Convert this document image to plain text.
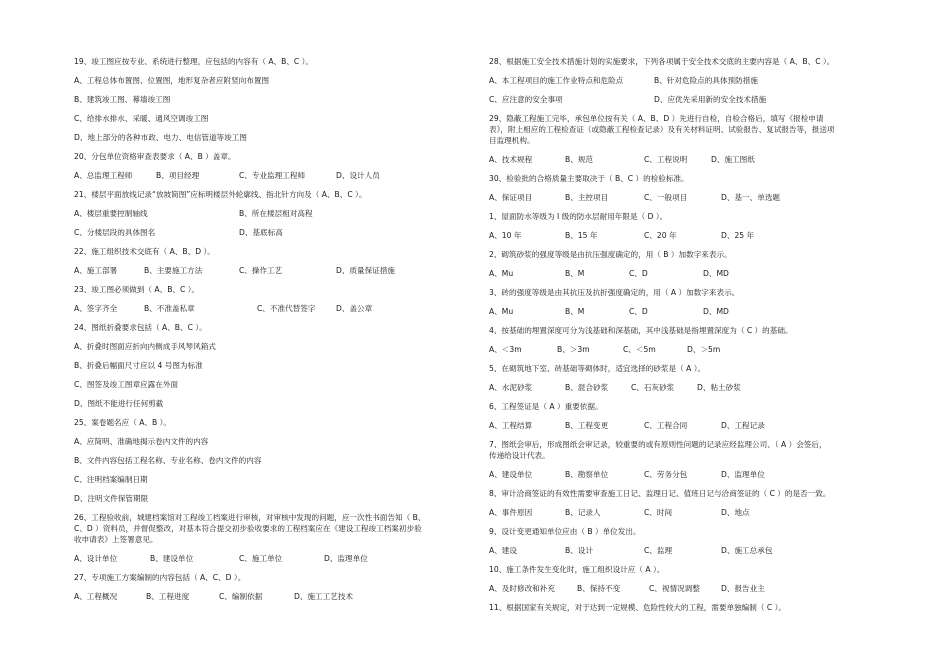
19、竣工图应按专业、系统进行整理，应包括的内容有（ A、B、C ）。

A、工程总体布置图、位置图，地形复杂者应附竖向布置图

B、建筑竣工图、幕墙竣工图

C、给排水排水、采暖、通风空调竣工图

D、地上部分的各种市政、电力、电信管道等竣工图

20、分包单位资格审查表要求（ A、B ）盖章。

A、总监理工程师	B、项目经理	C、专业监理工程师	D、设计人员

21、楼层平面放线记录“放坡简图”应标明楼层外轮廓线、指北针方向及（ A、B、C ）。

A、楼层重要控制轴线	B、所在楼层相对高程
C、分楼层段的具体图名	D、基底标高

22、施工组织技术交底有（ A、B、D ）。

A、施工部署	B、主要施工方法	C、操作工艺	D、质量保证措施

23、竣工图必须做到（ A、B、C ）。

A、签字齐全	B、不准盖私章	C、不准代替签字	D、盖公章

24、图纸折叠要求包括（ A、B、C ）。

A、折叠时图面应折向内侧成手风琴风箱式

B、折叠后幅面尺寸应以 4 号图为标准

C、图签及竣工图章应露在外面

D、图纸不能进行任何剪截

25、案卷题名应（ A、B ）。

A、应简明、准确地揭示卷内文件的内容

B、文件内容包括工程名称、专业名称、卷内文件的内容

C、注明档案编制日期

D、注明文件保管期限

26、工程验收前，城建档案馆对工程竣工档案进行审核，对审核中发现的问题，应一次性书面告知（ B、

C、D ）资料员，并督促整改，对基本符合提交初步验收要求的工程档案应在《建设工程竣工档案初步验

收申请表》上签署意见。

A、设计单位	B、建设单位	C、施工单位	D、监理单位

27、专项施工方案编制的内容包括（ A、C、D ）。

A、工程概况	B、工程进度	C、编制依据	D、施工工艺技术

28、根据施工安全技术措施计划的实施要求，下列各项属于安全技术交底的主要内容是（ A、B、C ）。

A、本工程项目的施工作业特点和危险点	B、针对危险点的具体预防措施
C、应注意的安全事项	D、应优先采用新的安全技术措施

29、隐蔽工程施工完毕，承包单位按有关（ A、B、D ）先进行自检，自检合格后，填写《报检申请

表》，附上相应的工程检查证（或隐蔽工程检查记录）及有关材料证明、试验报告、复试报告等，报送项

目监理机构。

A、技术规程	B、规范	C、工程说明	D、施工图纸

30、检验批的合格质量主要取决于（ B、C ）的检验标准。

A、保证项目	B、主控项目	C、一般项目	D、基一、单选题

1、屋面防水等级为 I 级的防水层耐用年限是（ D ）。

A、10 年	B、15 年	C、20 年	D、25 年

2、砌筑砂浆的强度等级是由抗压强度确定的，用（ B ）加数字来表示。

A、Mu	B、M	C、D	D、MD

3、砖的强度等级是由其抗压及抗折强度确定的，用（ A ）加数字来表示。

A、Mu	B、M	C、D	D、MD

4、按基础的埋置深度可分为浅基础和深基础，其中浅基础是指埋置深度为（ C ）的基础。

A、＜3m	B、＞3m	C、＜5m	D、＞5m

5、在砌筑地下室、砖基础等砌体时，适宜选择的砂浆是（ A ）。

A、水泥砂浆	B、混合砂浆	C、石灰砂浆	D、粘土砂浆

6、工程签证是（ A ）重要依据。

A、工程结算	B、工程变更	C、工程合同	D、工程记录

7、图纸会审后，形成图纸会审记录，较重要的或有原则性问题的记录应经监理公司、（ A ）会签后，

传递给设计代表。

A、建设单位	B、勘察单位	C、劳务分包	D、监理单位

8、审计洽商签证的有效性需要审查施工日记、监理日记、值班日记与洽商签证的（ C ）的是否一致。

A、事件原因	B、记录人	C、时间	D、地点

9、设计变更通知单位应由（ B ）单位发出。

A、建设	B、设计	C、监理	D、施工总承包

10、施工条件发生变化时，施工组织设计应（ A ）。

A、及时修改和补充	B、保持不变	C、视情况调整	D、报告业主

11、根据国家有关规定，对于达到一定规模、危险性较大的工程，需要单独编制（ C ）。
